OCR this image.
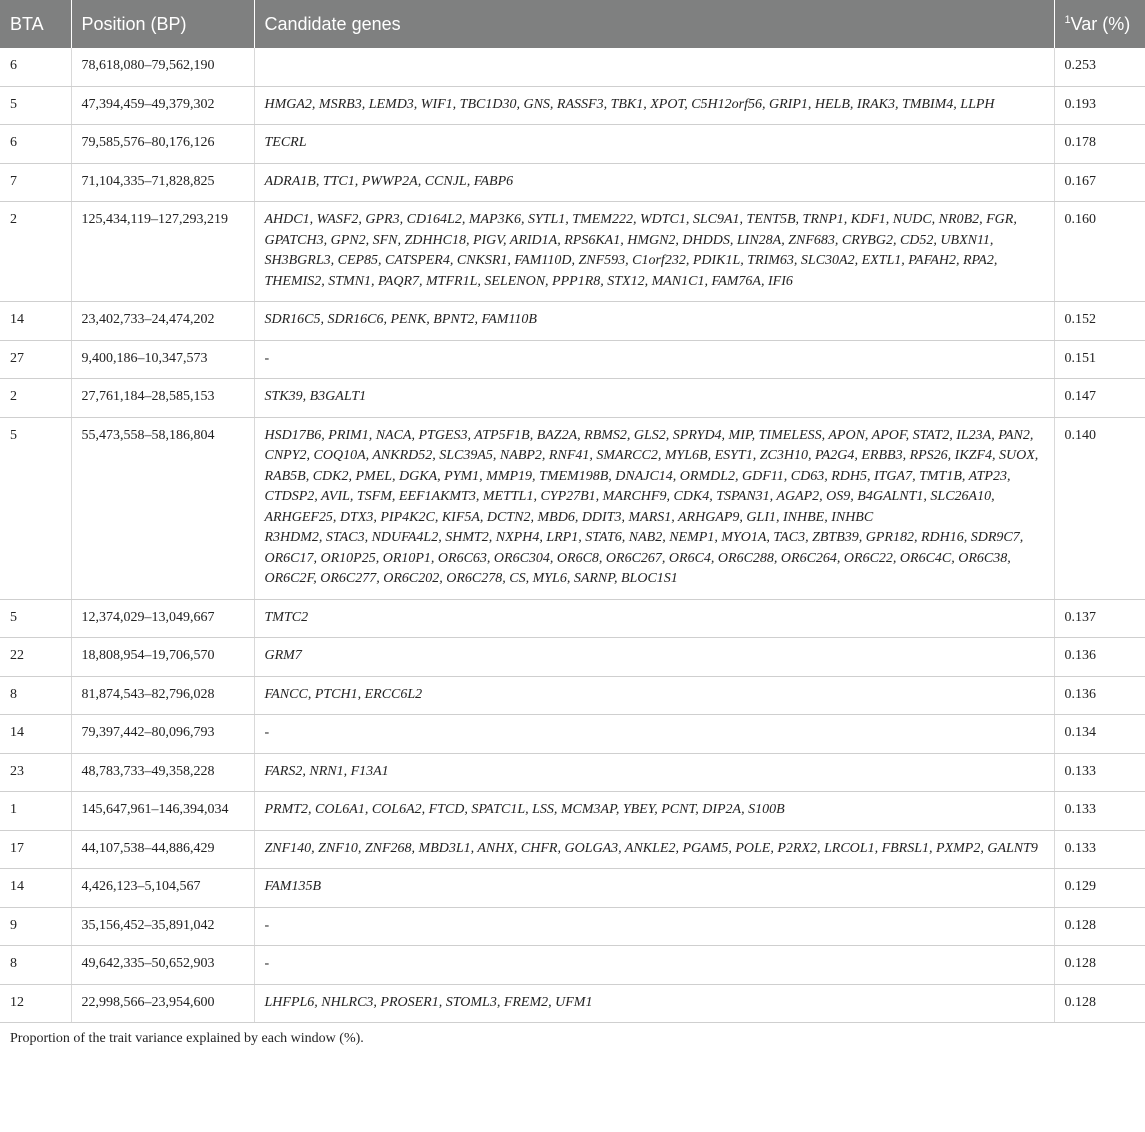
BTA	Position (BP)	Candidate genes	$^1$Var (%)
6	78,618,080–79,562,190		0.253
5	47,394,459–49,379,302	HMGA2, MSRB3, LEMD3, WIF1, TBC1D30, GNS, RASSF3, TBK1, XPOT, C5H12orf56, GRIP1, HELB, IRAK3, TMBIM4, LLPH	0.193
6	79,585,576–80,176,126	TECRL	0.178
7	71,104,335–71,828,825	ADRA1B, TTC1, PWWP2A, CCNJL, FABP6	0.167
2	125,434,119–127,293,219	AHDC1, WASF2, GPR3, CD164L2, MAP3K6, SYTL1, TMEM222, WDTC1, SLC9A1, TENT5B, TRNP1, KDF1, NUDC, NR0B2, FGR, GPATCH3, GPN2, SFN, ZDHHC18, PIGV, ARID1A, RPS6KA1, HMGN2, DHDDS, LIN28A, ZNF683, CRYBG2, CD52, UBXN11, SH3BGRL3, CEP85, CATSPER4, CNKSR1, FAM110D, ZNF593, C1orf232, PDIK1L, TRIM63, SLC30A2, EXTL1, PAFAH2, RPA2, THEMIS2, STMN1, PAQR7, MTFR1L, SELENON, PPP1R8, STX12, MAN1C1, FAM76A, IFI6	0.160
14	23,402,733–24,474,202	SDR16C5, SDR16C6, PENK, BPNT2, FAM110B	0.152
27	9,400,186–10,347,573	-	0.151
2	27,761,184–28,585,153	STK39, B3GALT1	0.147
5	55,473,558–58,186,804	HSD17B6, PRIM1, NACA, PTGES3, ATP5F1B, BAZ2A, RBMS2, GLS2, SPRYD4, MIP, TIMELESS, APON, APOF, STAT2, IL23A, PAN2, CNPY2, COQ10A, ANKRD52, SLC39A5, NABP2, RNF41, SMARCC2, MYL6B, ESYT1, ZC3H10, PA2G4, ERBB3, RPS26, IKZF4, SUOX, RAB5B, CDK2, PMEL, DGKA, PYM1, MMP19, TMEM198B, DNAJC14, ORMDL2, GDF11, CD63, RDH5, ITGA7, TMT1B, ATP23, CTDSP2, AVIL, TSFM, EEF1AKMT3, METTL1, CYP27B1, MARCHF9, CDK4, TSPAN31, AGAP2, OS9, B4GALNT1, SLC26A10, ARHGEF25, DTX3, PIP4K2C, KIF5A, DCTN2, MBD6, DDIT3, MARS1, ARHGAP9, GLI1, INHBE, INHBC
R3HDM2, STAC3, NDUFA4L2, SHMT2, NXPH4, LRP1, STAT6, NAB2, NEMP1, MYO1A, TAC3, ZBTB39, GPR182, RDH16, SDR9C7, OR6C17, OR10P25, OR10P1, OR6C63, OR6C304, OR6C8, OR6C267, OR6C4, OR6C288, OR6C264, OR6C22, OR6C4C, OR6C38, OR6C2F, OR6C277, OR6C202, OR6C278, CS, MYL6, SARNP, BLOC1S1	0.140
5	12,374,029–13,049,667	TMTC2	0.137
22	18,808,954–19,706,570	GRM7	0.136
8	81,874,543–82,796,028	FANCC, PTCH1, ERCC6L2	0.136
14	79,397,442–80,096,793	-	0.134
23	48,783,733–49,358,228	FARS2, NRN1, F13A1	0.133
1	145,647,961–146,394,034	PRMT2, COL6A1, COL6A2, FTCD, SPATC1L, LSS, MCM3AP, YBEY, PCNT, DIP2A, S100B	0.133
17	44,107,538–44,886,429	ZNF140, ZNF10, ZNF268, MBD3L1, ANHX, CHFR, GOLGA3, ANKLE2, PGAM5, POLE, P2RX2, LRCOL1, FBRSL1, PXMP2, GALNT9	0.133
14	4,426,123–5,104,567	FAM135B	0.129
9	35,156,452–35,891,042	-	0.128
8	49,642,335–50,652,903	-	0.128
12	22,998,566–23,954,600	LHFPL6, NHLRC3, PROSER1, STOML3, FREM2, UFM1	0.128
Proportion of the trait variance explained by each window (%).
